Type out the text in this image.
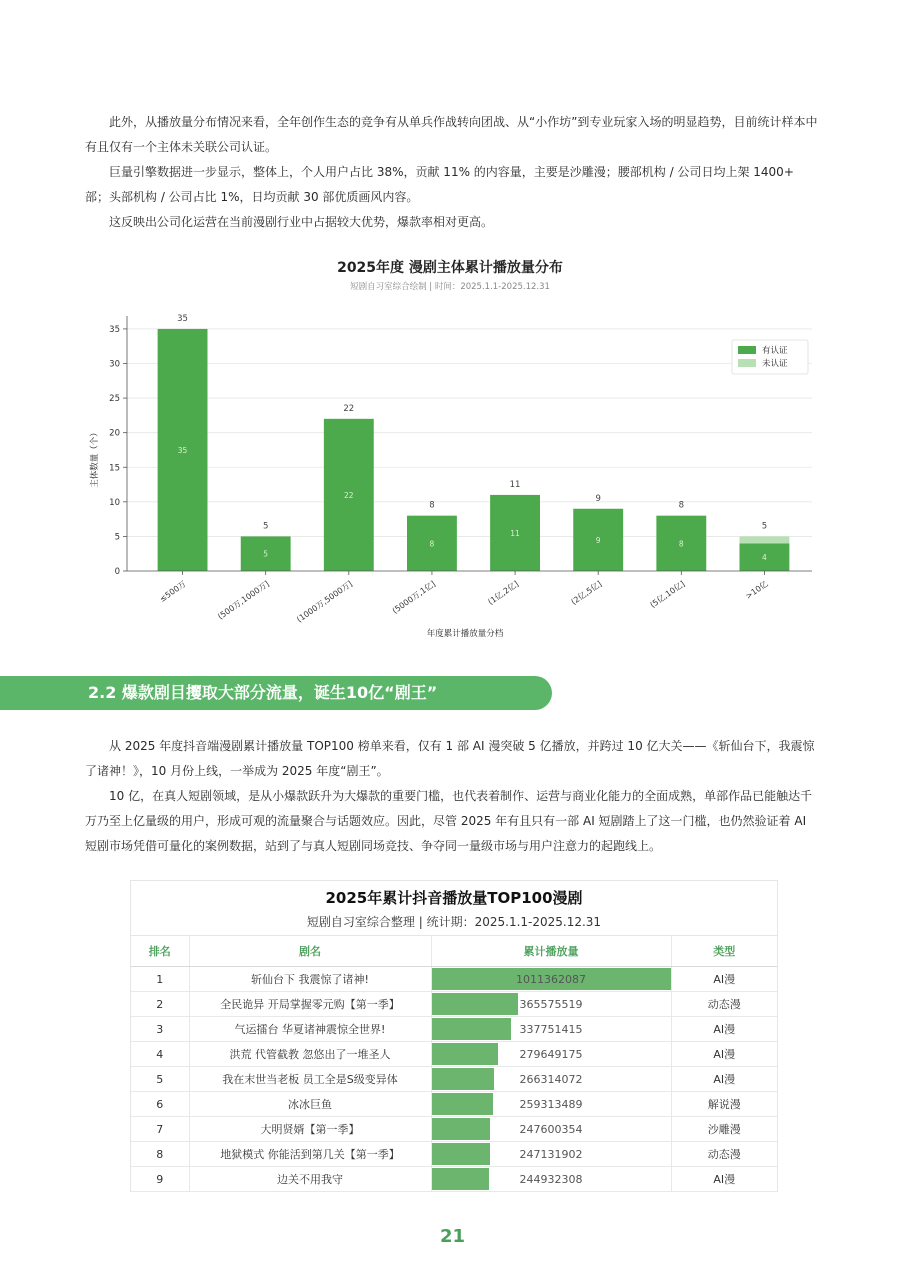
此外，从播放量分布情况来看，全年创作生态的竞争有从单兵作战转向团战、从“小作坊”到专业玩家入场的明显趋势，目前统计样本中有且仅有一个主体未关联公司认证。

巨量引擎数据进一步显示，整体上，个人用户占比 38%，贡献 11% 的内容量，主要是沙雕漫；腰部机构 / 公司日均上架 1400+ 部；头部机构 / 公司占比 1%，日均贡献 30 部优质画风内容。

这反映出公司化运营在当前漫剧行业中占据较大优势，爆款率相对更高。

2025年度 漫剧主体累计播放量分布
短剧自习室综合绘制 | 时间：2025.1.1-2025.12.31
35
35
5
5
22
22
8
8
11
11
9
9
8
8
5
4
0
5
10
15
20
25
30
35
≤500万	(500万,1000万]	(1000万,5000万]	(5000万,1亿]	(1亿,2亿]	(2亿,5亿]	(5亿,10亿]	>10亿
年度累计播放量分档
主体数量（个）
有认证
未认证
2.2 爆款剧目攫取大部分流量，诞生10亿“剧王”

从 2025 年度抖音端漫剧累计播放量 TOP100 榜单来看，仅有 1 部 AI 漫突破 5 亿播放，并跨过 10 亿大关——《斩仙台下，我震惊了诸神！》，10 月份上线，一举成为 2025 年度“剧王”。

10 亿，在真人短剧领域，是从小爆款跃升为大爆款的重要门槛，也代表着制作、运营与商业化能力的全面成熟，单部作品已能触达千万乃至上亿量级的用户，形成可观的流量聚合与话题效应。因此，尽管 2025 年有且只有一部 AI 短剧踏上了这一门槛，也仍然验证着 AI 短剧市场凭借可量化的案例数据，站到了与真人短剧同场竞技、争夺同一量级市场与用户注意力的起跑线上。

2025年累计抖音播放量TOP100漫剧
短剧自习室综合整理 | 统计期：2025.1.1-2025.12.31
排名	剧名	累计播放量	类型
1	斩仙台下 我震惊了诸神!	1011362087	AI漫
2	全民诡异 开局掌握零元购【第一季】	365575519	动态漫
3	气运擂台 华夏诸神震惊全世界!	337751415	AI漫
4	洪荒 代管截教 忽悠出了一堆圣人	279649175	AI漫
5	我在末世当老板 员工全是S级变异体	266314072	AI漫
6	冰冰巨鱼	259313489	解说漫
7	大明贤婿【第一季】	247600354	沙雕漫
8	地狱模式 你能活到第几关【第一季】	247131902	动态漫
9	边关不用我守	244932308	AI漫
21
